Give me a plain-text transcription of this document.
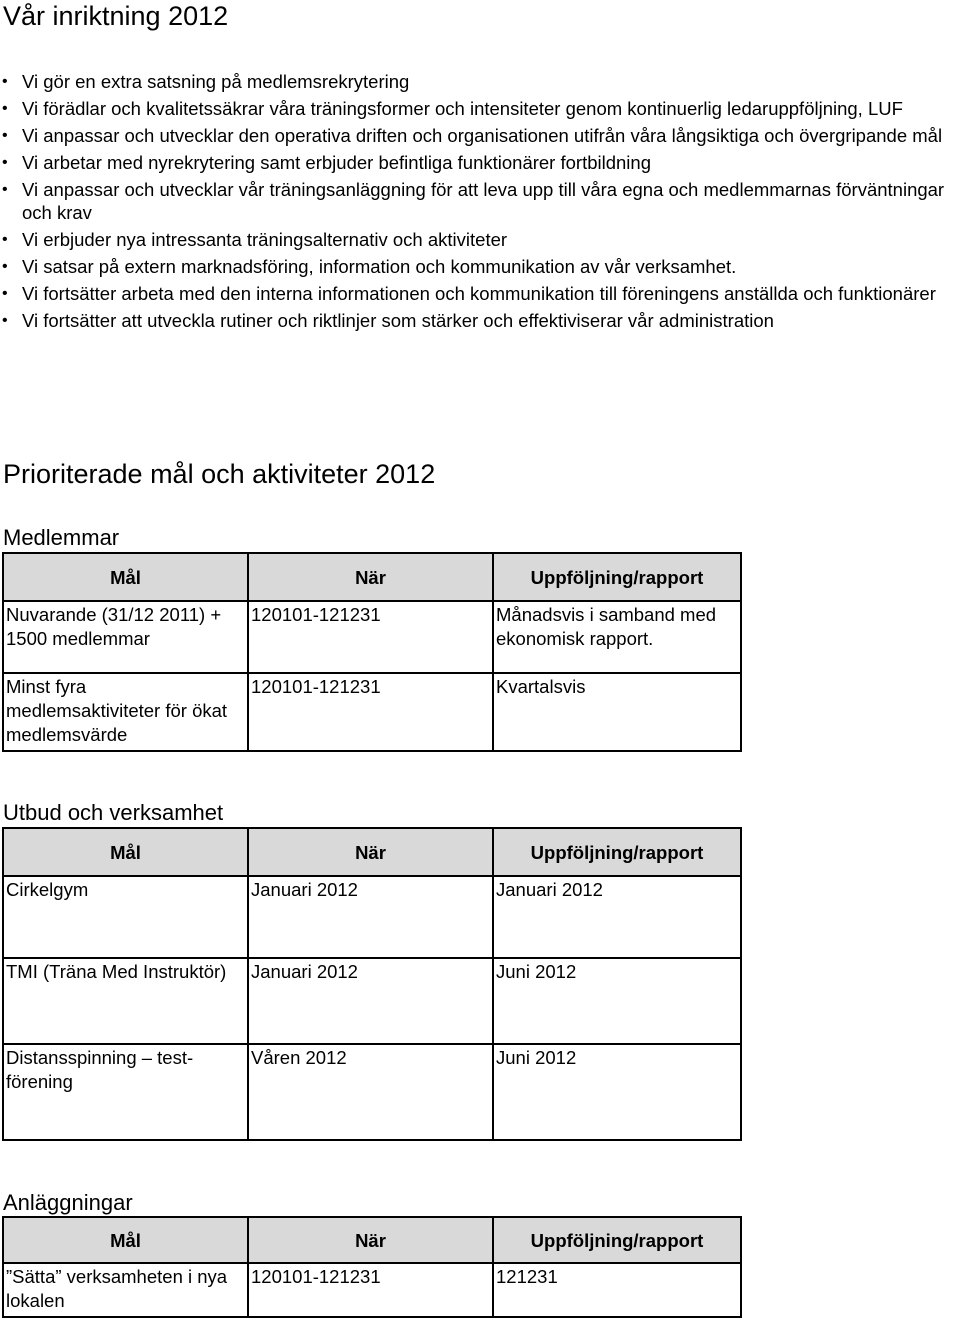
Vår inriktning 2012
• Vi gör en extra satsning på medlemsrekrytering
• Vi förädlar och kvalitetssäkrar våra träningsformer och intensiteter genom kontinuerlig ledaruppföljning, LUF
• Vi anpassar och utvecklar den operativa driften och organisationen utifrån våra långsiktiga och övergripande mål
• Vi arbetar med nyrekrytering samt erbjuder befintliga funktionärer fortbildning
• Vi anpassar och utvecklar vår träningsanläggning för att leva upp till våra egna och medlemmarnas förväntningar och krav
• Vi erbjuder nya intressanta träningsalternativ och aktiviteter
• Vi satsar på extern marknadsföring, information och kommunikation av vår verksamhet.
• Vi fortsätter arbeta med den interna informationen och kommunikation till föreningens anställda och funktionärer
• Vi fortsätter att utveckla rutiner och riktlinjer som stärker och effektiviserar vår administration
Prioriterade mål och aktiviteter 2012
Medlemmar
Mål	När	Uppföljning/rapport
Nuvarande (31/12 2011) + 1500 medlemmar	120101-121231	Månadsvis i samband med ekonomisk rapport.
Minst fyra medlemsaktiviteter för ökat medlemsvärde	120101-121231	Kvartalsvis
Utbud och verksamhet
Mål	När	Uppföljning/rapport
Cirkelgym	Januari 2012	Januari 2012
TMI (Träna Med Instruktör)	Januari 2012	Juni 2012
Distansspinning – test-förening	Våren 2012	Juni 2012
Anläggningar
Mål	När	Uppföljning/rapport
”Sätta” verksamheten i nya lokalen	120101-121231	121231
